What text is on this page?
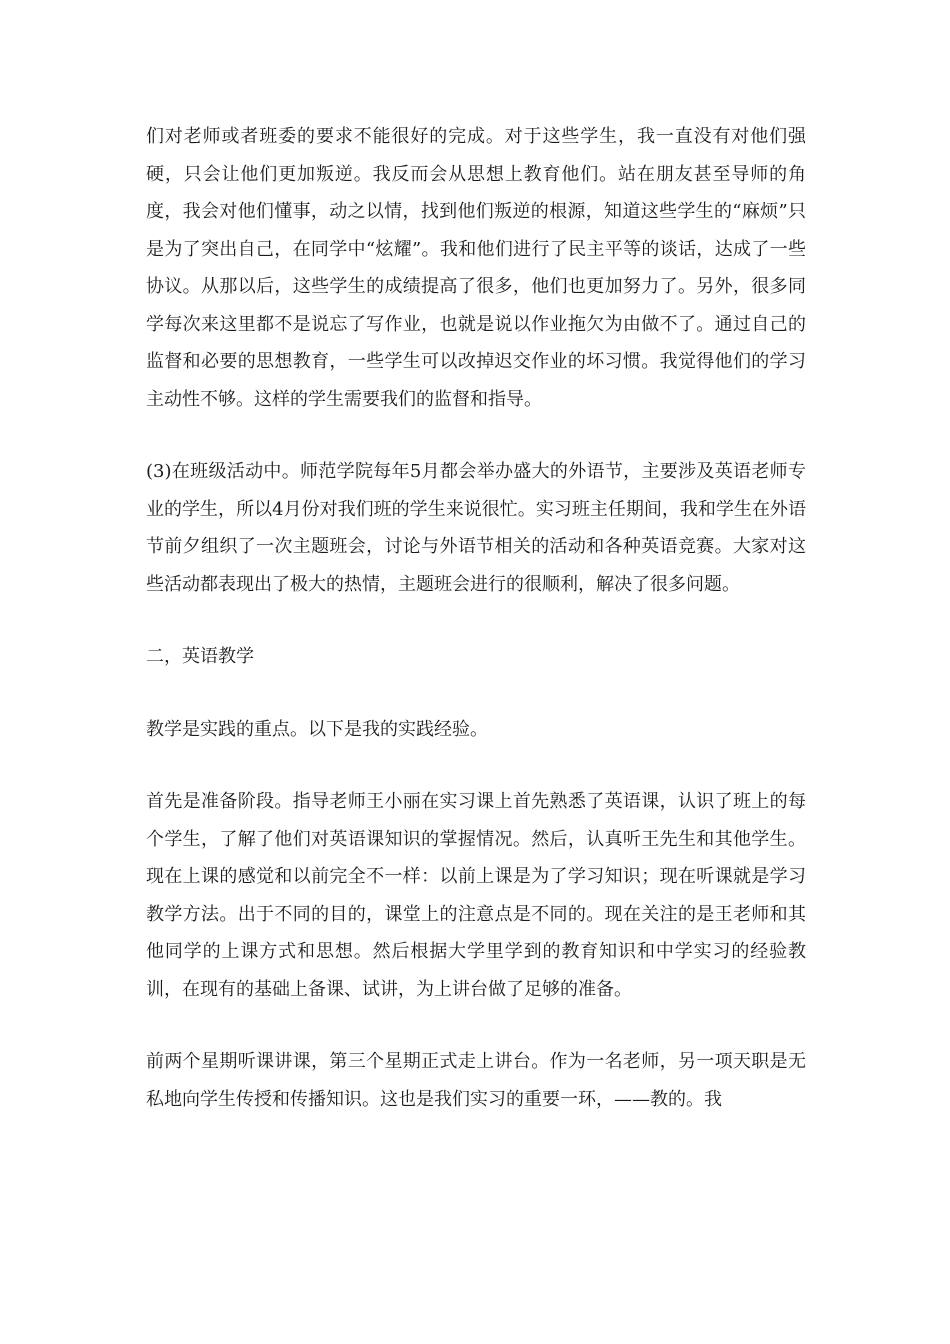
们对老师或者班委的要求不能很好的完成。对于这些学生，我一直没有对他们强硬，只会让他们更加叛逆。我反而会从思想上教育他们。站在朋友甚至导师的角度，我会对他们懂事，动之以情，找到他们叛逆的根源，知道这些学生的“麻烦”只是为了突出自己，在同学中“炫耀”。我和他们进行了民主平等的谈话，达成了一些协议。从那以后，这些学生的成绩提高了很多，他们也更加努力了。另外，很多同学每次来这里都不是说忘了写作业，也就是说以作业拖欠为由做不了。通过自己的监督和必要的思想教育，一些学生可以改掉迟交作业的坏习惯。我觉得他们的学习主动性不够。这样的学生需要我们的监督和指导。

(3)在班级活动中。师范学院每年5月都会举办盛大的外语节，主要涉及英语老师专业的学生，所以4月份对我们班的学生来说很忙。实习班主任期间，我和学生在外语节前夕组织了一次主题班会，讨论与外语节相关的活动和各种英语竞赛。大家对这些活动都表现出了极大的热情，主题班会进行的很顺利，解决了很多问题。

二，英语教学

教学是实践的重点。以下是我的实践经验。

首先是准备阶段。指导老师王小丽在实习课上首先熟悉了英语课，认识了班上的每个学生，了解了他们对英语课知识的掌握情况。然后，认真听王先生和其他学生。现在上课的感觉和以前完全不一样：以前上课是为了学习知识；现在听课就是学习教学方法。出于不同的目的，课堂上的注意点是不同的。现在关注的是王老师和其他同学的上课方式和思想。然后根据大学里学到的教育知识和中学实习的经验教训，在现有的基础上备课、试讲，为上讲台做了足够的准备。

前两个星期听课讲课，第三个星期正式走上讲台。作为一名老师，另一项天职是无私地向学生传授和传播知识。这也是我们实习的重要一环，——教的。我
